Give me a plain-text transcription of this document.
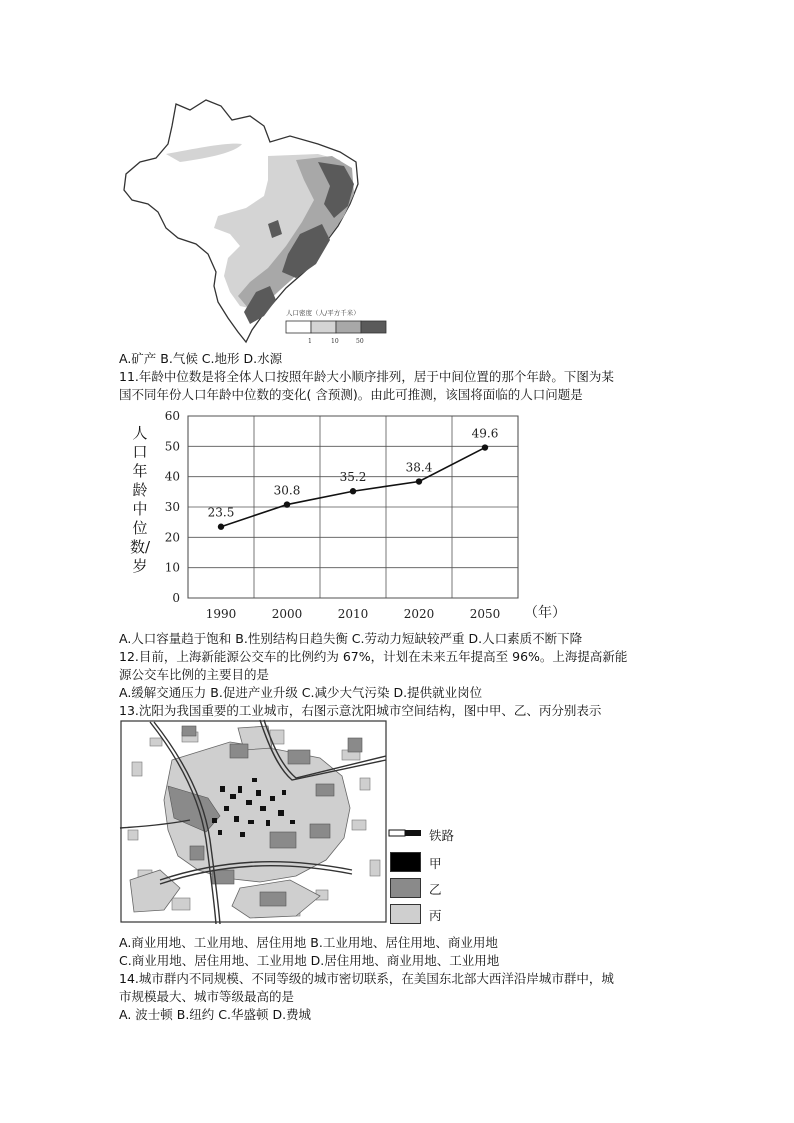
人口密度（人/平方千米）
1	10	50
A.矿产 B.气候 C.地形 D.水源
11.年龄中位数是将全体人口按照年龄大小顺序排列，居于中间位置的那个年龄。下图为某
国不同年份人口年龄中位数的变化( 含预测)。由此可推测，该国将面临的人口问题是
人口年龄中位数/岁
0
10
20
30
40
50
60
23.5
1990
30.8
2000
35.2
2010
38.4
2020
49.6
2050 （年）
A.人口容量趋于饱和 B.性别结构日趋失衡 C.劳动力短缺较严重 D.人口素质不断下降
12.目前，上海新能源公交车的比例约为 67%，计划在未来五年提高至 96%。上海提高新能
源公交车比例的主要目的是
A.缓解交通压力 B.促进产业升级 C.减少大气污染 D.提供就业岗位
13.沈阳为我国重要的工业城市，右图示意沈阳城市空间结构，图中甲、乙、丙分别表示
铁路
甲
乙
丙
A.商业用地、工业用地、居住用地 B.工业用地、居住用地、商业用地
C.商业用地、居住用地、工业用地 D.居住用地、商业用地、工业用地
14.城市群内不同规模、不同等级的城市密切联系，在美国东北部大西洋沿岸城市群中，城
市规模最大、城市等级最高的是
A. 波士顿 B.纽约 C.华盛顿 D.费城
